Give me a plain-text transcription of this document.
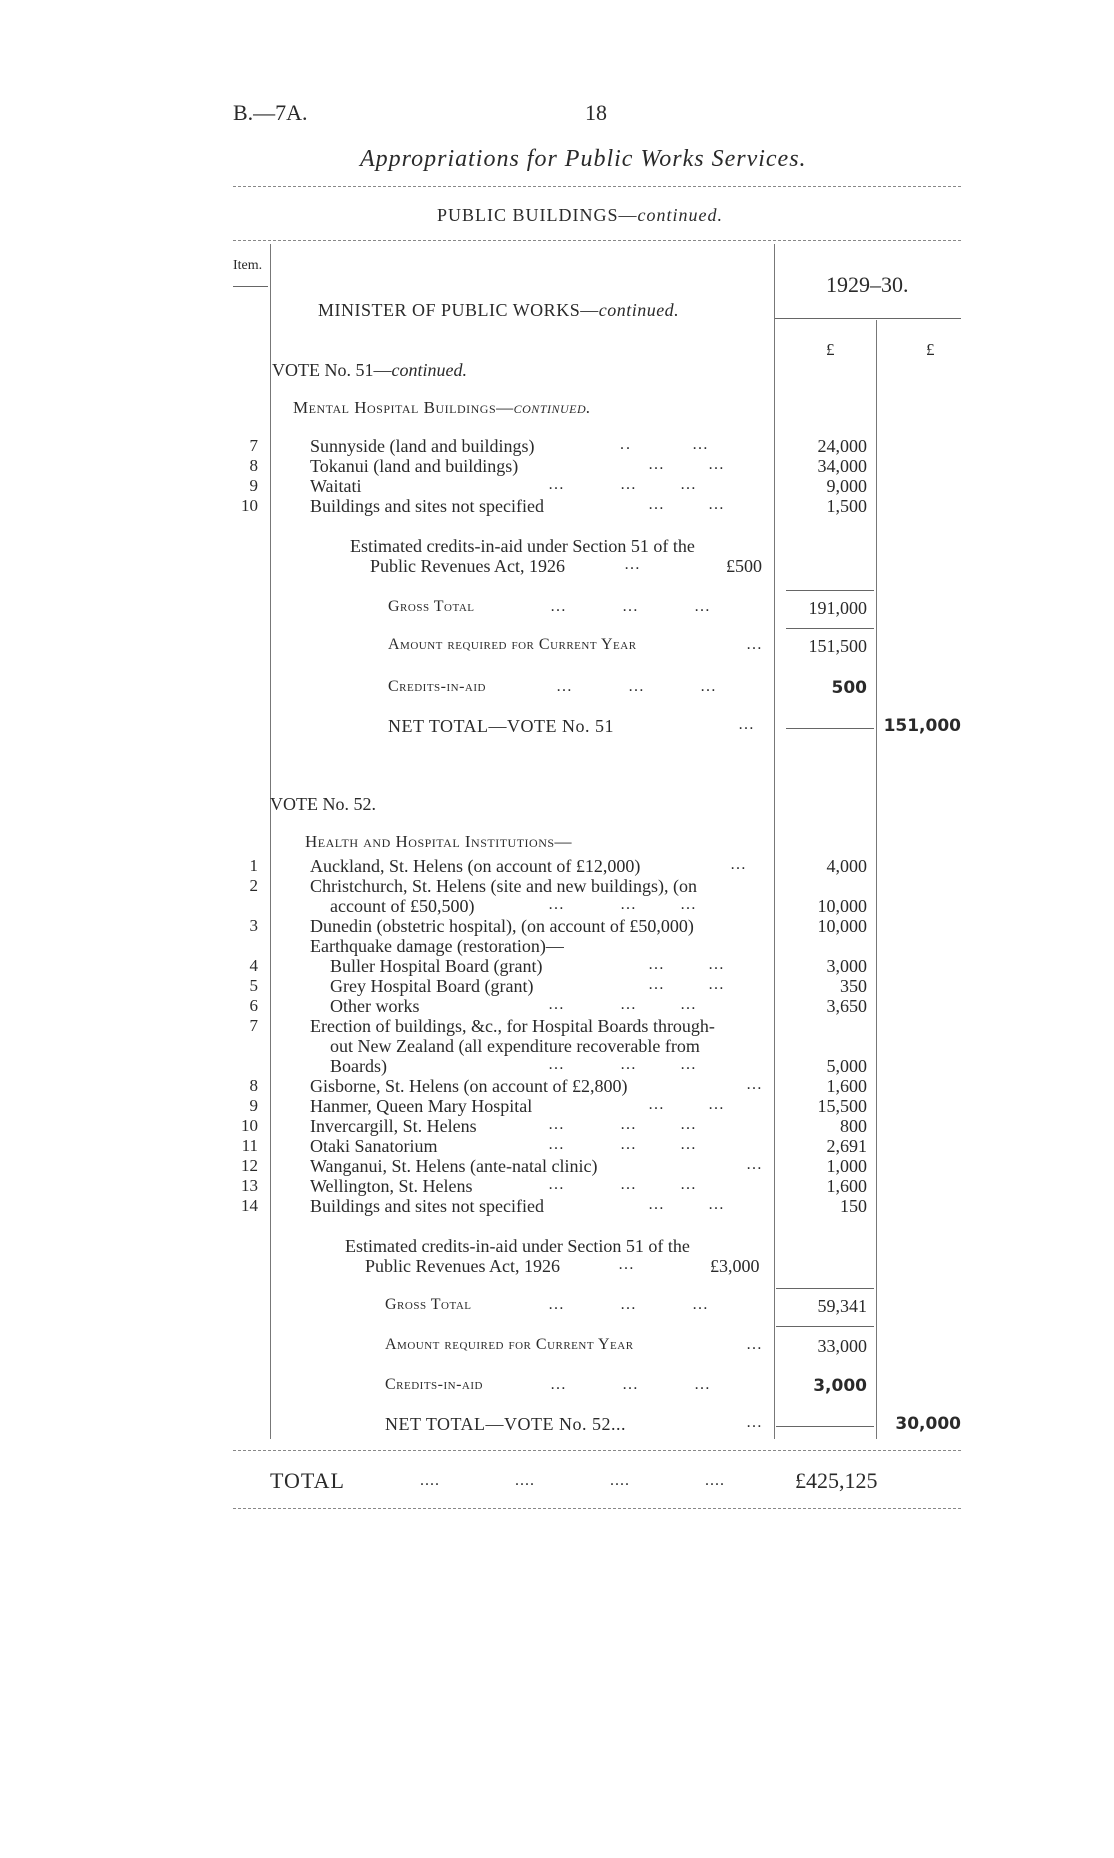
B.—7A.	18
Appropriations for Public Works Services.
PUBLIC BUILDINGS—continued.
Item.
1929–30.
£	£
MINISTER OF PUBLIC WORKS—continued.
VOTE No. 51—continued.
Mental Hospital Buildings—continued.
7	Sunnyside (land and buildings)	..          …	24,000
8	Tokanui (land and buildings)	…       …	34,000
9	Waitati	…         …       …	9,000
10	Buildings and sites not specified	…       …	1,500
Estimated credits-in-aid under Section 51 of the
Public Revenues Act, 1926	…	£500
Gross Total	…         …         …	191,000
Amount required for Current Year	…	151,500
Credits-in-aid	…         …         …	500
NET TOTAL—VOTE No. 51	…	151,000
VOTE No. 52.
Health and Hospital Institutions—
1	Auckland, St. Helens (on account of £12,000)	…	4,000
2	Christchurch, St. Helens (site and new buildings), (on
account of £50,500)	…         …       …	10,000
3	Dunedin (obstetric hospital), (on account of £50,000)	10,000
Earthquake damage (restoration)—
4	Buller Hospital Board (grant)	…       …	3,000
5	Grey Hospital Board (grant)	…       …	350
6	Other works	…         …       …	3,650
7	Erection of buildings, &c., for Hospital Boards through-
out New Zealand (all expenditure recoverable from
Boards)	…         …       …	5,000
8	Gisborne, St. Helens (on account of £2,800)	…	1,600
9	Hanmer, Queen Mary Hospital	…       …	15,500
10	Invercargill, St. Helens	…         …       …	800
11	Otaki Sanatorium	…         …       …	2,691
12	Wanganui, St. Helens (ante-natal clinic)	…	1,000
13	Wellington, St. Helens	…         …       …	1,600
14	Buildings and sites not specified	…       …	150
Estimated credits-in-aid under Section 51 of the
Public Revenues Act, 1926	…	£3,000
Gross Total	…         …         …	59,341
Amount required for Current Year	…	33,000
Credits-in-aid	…         …         …	3,000
NET TOTAL—VOTE No. 52...	…	30,000
TOTAL	....               ....               ....               ....	£425,125
